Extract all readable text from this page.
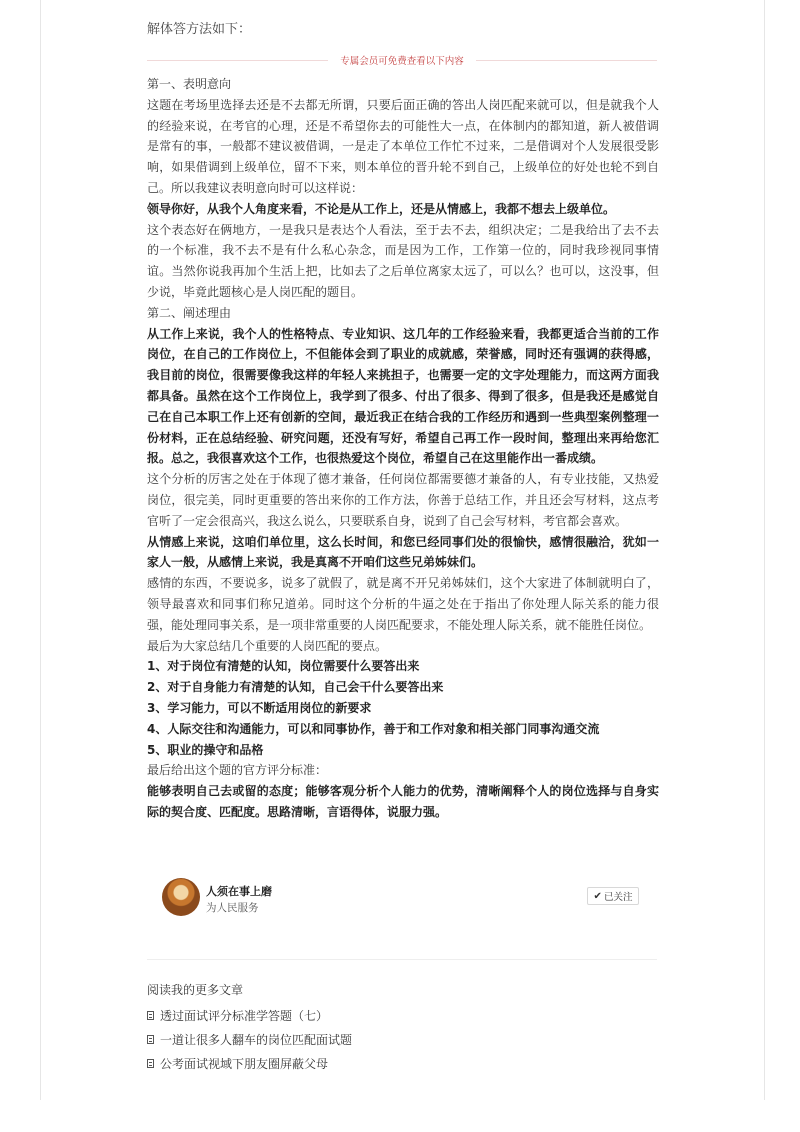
解体答方法如下：
专属会员可免费查看以下内容

第一、表明意向

这题在考场里选择去还是不去都无所谓，只要后面正确的答出人岗匹配来就可以，但是就我个人的经验来说，在考官的心理，还是不希望你去的可能性大一点，在体制内的都知道，新人被借调是常有的事，一般都不建议被借调，一是走了本单位工作忙不过来，二是借调对个人发展很受影响，如果借调到上级单位，留不下来，则本单位的晋升轮不到自己，上级单位的好处也轮不到自己。所以我建议表明意向时可以这样说：

领导你好，从我个人角度来看，不论是从工作上，还是从情感上，我都不想去上级单位。

这个表态好在俩地方，一是我只是表达个人看法，至于去不去，组织决定；二是我给出了去不去的一个标准，我不去不是有什么私心杂念，而是因为工作，工作第一位的，同时我珍视同事情谊。当然你说我再加个生活上把，比如去了之后单位离家太远了，可以么？也可以，这没事，但少说，毕竟此题核心是人岗匹配的题目。

第二、阐述理由

从工作上来说，我个人的性格特点、专业知识、这几年的工作经验来看，我都更适合当前的工作岗位，在自己的工作岗位上，不但能体会到了职业的成就感，荣誉感，同时还有强调的获得感，我目前的岗位，很需要像我这样的年轻人来挑担子，也需要一定的文字处理能力，而这两方面我都具备。虽然在这个工作岗位上，我学到了很多、付出了很多、得到了很多，但是我还是感觉自己在自己本职工作上还有创新的空间，最近我正在结合我的工作经历和遇到一些典型案例整理一份材料，正在总结经验、研究问题，还没有写好，希望自己再工作一段时间，整理出来再给您汇报。总之，我很喜欢这个工作，也很热爱这个岗位，希望自己在这里能作出一番成绩。

这个分析的厉害之处在于体现了德才兼备，任何岗位都需要德才兼备的人，有专业技能，又热爱岗位，很完美，同时更重要的答出来你的工作方法，你善于总结工作，并且还会写材料，这点考官听了一定会很高兴，我这么说么，只要联系自身，说到了自己会写材料，考官都会喜欢。

从情感上来说，这咱们单位里，这么长时间，和您已经同事们处的很愉快，感情很融洽，犹如一家人一般，从感情上来说，我是真离不开咱们这些兄弟姊妹们。

感情的东西，不要说多，说多了就假了，就是离不开兄弟姊妹们，这个大家进了体制就明白了，领导最喜欢和同事们称兄道弟。同时这个分析的牛逼之处在于指出了你处理人际关系的能力很强，能处理同事关系，是一项非常重要的人岗匹配要求，不能处理人际关系，就不能胜任岗位。

最后为大家总结几个重要的人岗匹配的要点。

1、对于岗位有清楚的认知，岗位需要什么要答出来

2、对于自身能力有清楚的认知，自己会干什么要答出来

3、学习能力，可以不断适用岗位的新要求

4、人际交往和沟通能力，可以和同事协作，善于和工作对象和相关部门同事沟通交流

5、职业的操守和品格

最后给出这个题的官方评分标准：

能够表明自己去或留的态度；能够客观分析个人能力的优势，清晰阐释个人的岗位选择与自身实际的契合度、匹配度。思路清晰，言语得体，说服力强。

人须在事上磨
为人民服务
✔ 已关注
阅读我的更多文章
透过面试评分标准学答题（七）
一道让很多人翻车的岗位匹配面试题
公考面试视域下朋友圈屏蔽父母
